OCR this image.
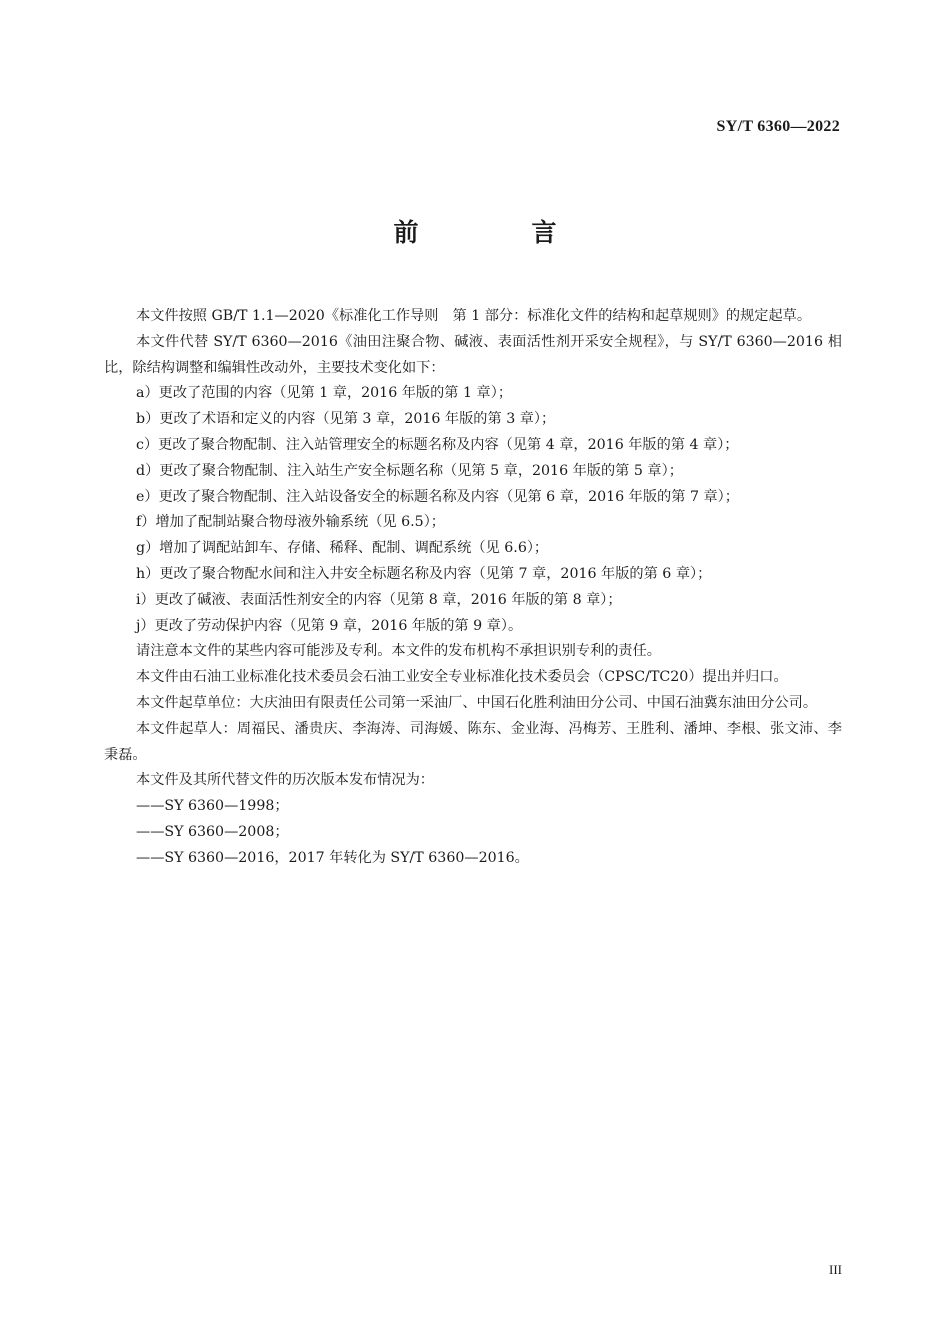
SY/T 6360—2022
前　言

本文件按照 GB/T 1.1—2020《标准化工作导则　第 1 部分：标准化文件的结构和起草规则》的规定起草。

本文件代替 SY/T 6360—2016《油田注聚合物、碱液、表面活性剂开采安全规程》，与 SY/T 6360—2016 相比，除结构调整和编辑性改动外，主要技术变化如下：

a）更改了范围的内容（见第 1 章，2016 年版的第 1 章）；

b）更改了术语和定义的内容（见第 3 章，2016 年版的第 3 章）；

c）更改了聚合物配制、注入站管理安全的标题名称及内容（见第 4 章，2016 年版的第 4 章）；

d）更改了聚合物配制、注入站生产安全标题名称（见第 5 章，2016 年版的第 5 章）；

e）更改了聚合物配制、注入站设备安全的标题名称及内容（见第 6 章，2016 年版的第 7 章）；

f）增加了配制站聚合物母液外输系统（见 6.5）；

g）增加了调配站卸车、存储、稀释、配制、调配系统（见 6.6）；

h）更改了聚合物配水间和注入井安全标题名称及内容（见第 7 章，2016 年版的第 6 章）；

i）更改了碱液、表面活性剂安全的内容（见第 8 章，2016 年版的第 8 章）；

j）更改了劳动保护内容（见第 9 章，2016 年版的第 9 章）。

请注意本文件的某些内容可能涉及专利。本文件的发布机构不承担识别专利的责任。

本文件由石油工业标准化技术委员会石油工业安全专业标准化技术委员会（CPSC/TC20）提出并归口。

本文件起草单位：大庆油田有限责任公司第一采油厂、中国石化胜利油田分公司、中国石油冀东油田分公司。

本文件起草人：周福民、潘贵庆、李海涛、司海媛、陈东、金业海、冯梅芳、王胜利、潘坤、李根、张文沛、李秉磊。

本文件及其所代替文件的历次版本发布情况为：

——SY 6360—1998；

——SY 6360—2008；

——SY 6360—2016，2017 年转化为 SY/T 6360—2016。

III
